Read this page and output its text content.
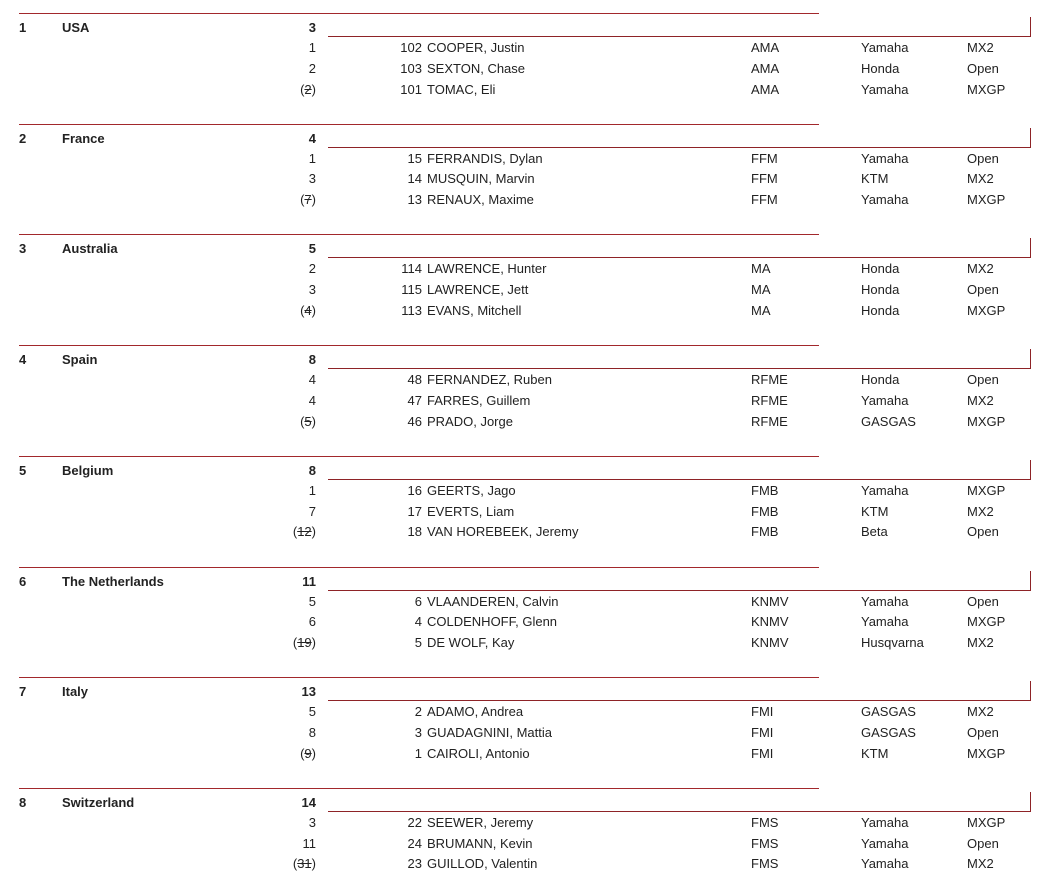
1	USA	3
1	102 COOPER, Justin	AMA	Yamaha	MX2
2	103 SEXTON, Chase	AMA	Honda	Open
(2)	101 TOMAC, Eli	AMA	Yamaha	MXGP
2	France	4
1	15 FERRANDIS, Dylan	FFM	Yamaha	Open
3	14 MUSQUIN, Marvin	FFM	KTM	MX2
(7)	13 RENAUX, Maxime	FFM	Yamaha	MXGP
3	Australia	5
2	114 LAWRENCE, Hunter	MA	Honda	MX2
3	115 LAWRENCE, Jett	MA	Honda	Open
(4)	113 EVANS, Mitchell	MA	Honda	MXGP
4	Spain	8
4	48 FERNANDEZ, Ruben	RFME	Honda	Open
4	47 FARRES, Guillem	RFME	Yamaha	MX2
(5)	46 PRADO, Jorge	RFME	GASGAS	MXGP
5	Belgium	8
1	16 GEERTS, Jago	FMB	Yamaha	MXGP
7	17 EVERTS, Liam	FMB	KTM	MX2
(12)	18 VAN HOREBEEK, Jeremy	FMB	Beta	Open
6	The Netherlands	11
5	6 VLAANDEREN, Calvin	KNMV	Yamaha	Open
6	4 COLDENHOFF, Glenn	KNMV	Yamaha	MXGP
(19)	5 DE WOLF, Kay	KNMV	Husqvarna	MX2
7	Italy	13
5	2 ADAMO, Andrea	FMI	GASGAS	MX2
8	3 GUADAGNINI, Mattia	FMI	GASGAS	Open
(9)	1 CAIROLI, Antonio	FMI	KTM	MXGP
8	Switzerland	14
3	22 SEEWER, Jeremy	FMS	Yamaha	MXGP
11	24 BRUMANN, Kevin	FMS	Yamaha	Open
(31)	23 GUILLOD, Valentin	FMS	Yamaha	MX2
